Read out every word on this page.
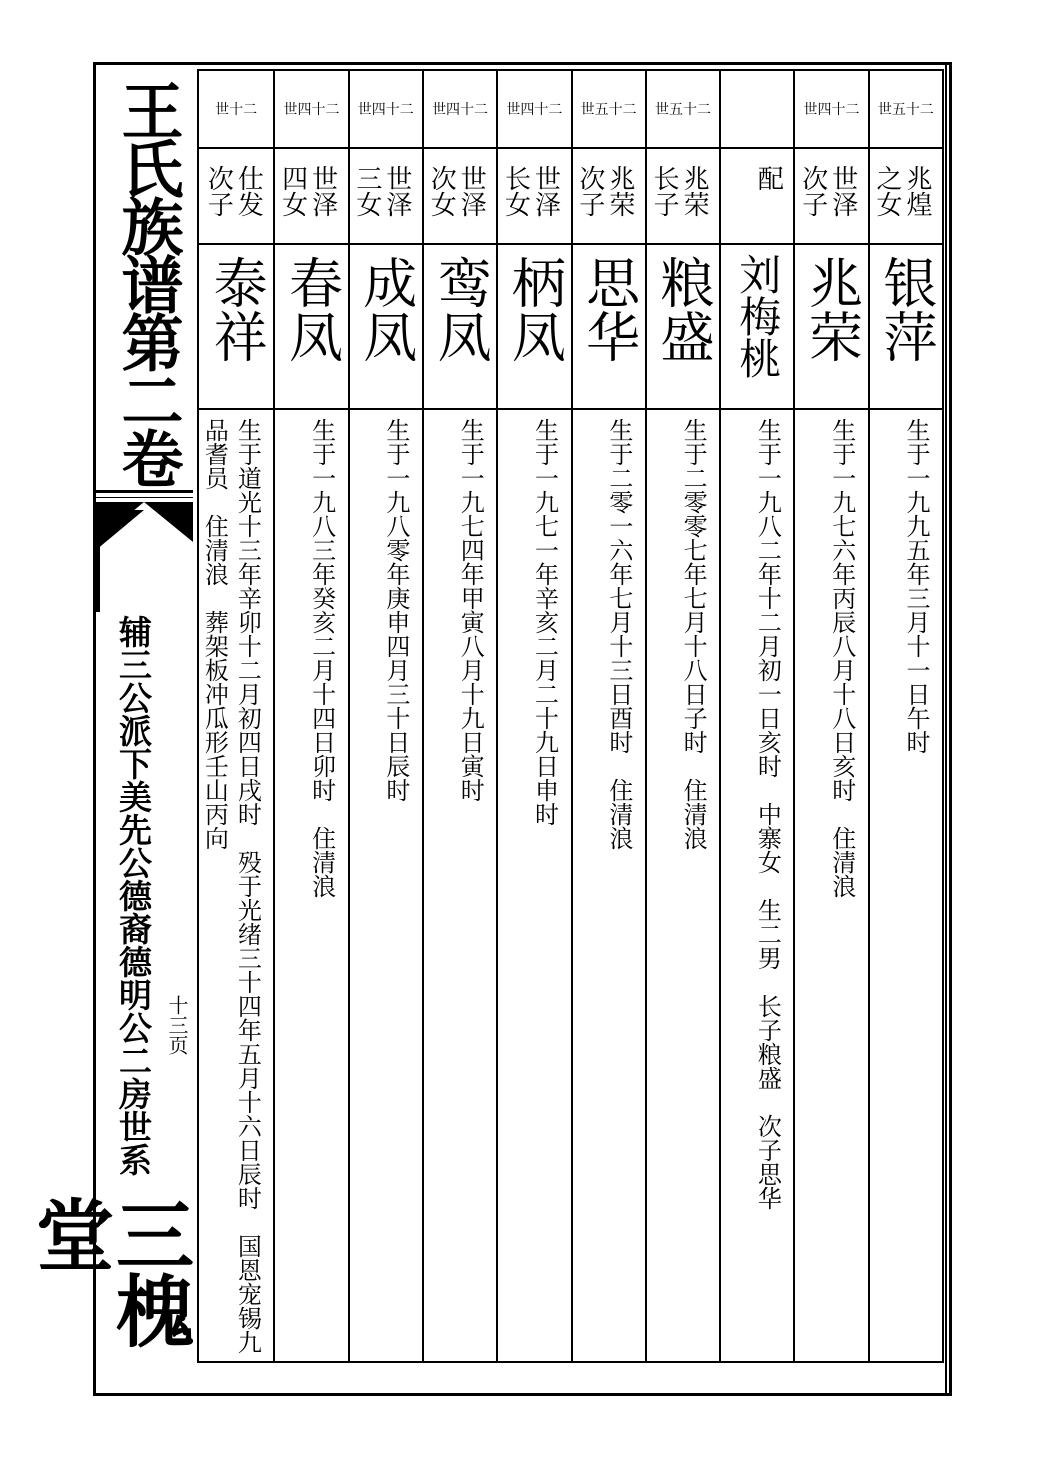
王氏族谱第二卷
辅三公派下美先公德裔德明公二房世系 十三页
三槐堂
世五十二
兆煌之女
银萍
生于一九九五年三月十一日午时
世四十二
世泽次子
兆荣
生于一九七六年丙辰八月十八日亥时　住清浪
配
刘梅桃
生于一九八二年十二月初一日亥时　中寨女　生二男　长子粮盛　次子思华
世五十二
兆荣长子
粮盛
生于二零零七年七月十八日子时　住清浪
世五十二
兆荣次子
思华
生于二零一六年七月十三日酉时　住清浪
世四十二
世泽长女
柄凤
生于一九七一年辛亥二月二十九日申时
世四十二
世泽次女
鸾凤
生于一九七四年甲寅八月十九日寅时
世四十二
世泽三女
成凤
生于一九八零年庚申四月三十日辰时
世四十二
世泽四女
春凤
生于一九八三年癸亥二月十四日卯时　住清浪
世十二
仕发次子
泰祥
生于道光十三年辛卯十二月初四日戌时　殁于光绪三十四年五月十六日辰时　国恩宠锡九品耆员　住清浪　葬架板冲瓜形壬山丙向
